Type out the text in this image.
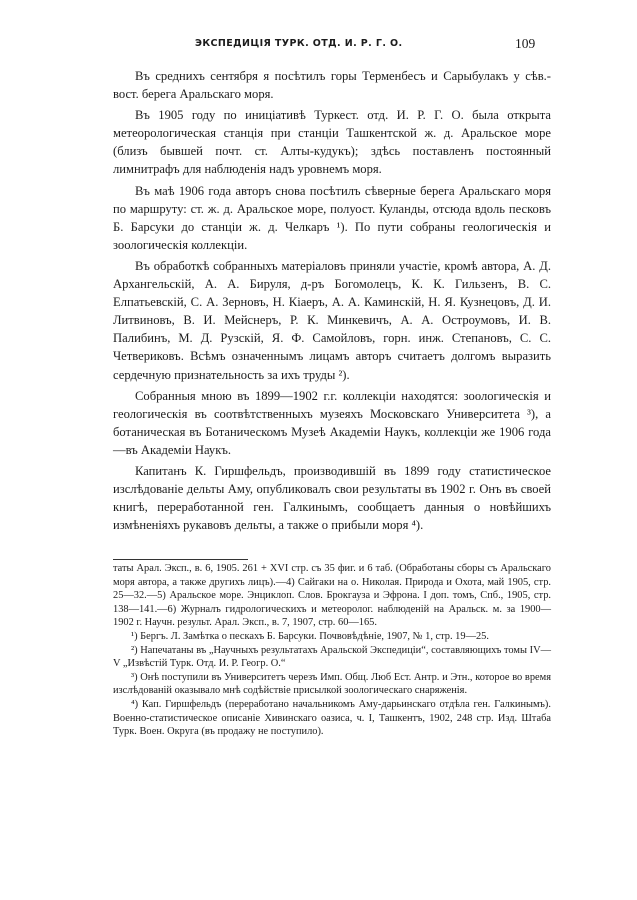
ЭКСПЕДИЦІЯ ТУРК. ОТД. И. Р. Г. О.	109

Въ среднихъ сентября я посѣтилъ горы Терменбесъ и Сарыбулакъ у сѣв.-вост. берега Аральскаго моря.

Въ 1905 году по иниціативѣ Туркест. отд. И. Р. Г. О. была открыта метеорологическая станція при станціи Ташкентской ж. д. Аральское море (близъ бывшей почт. ст. Алты-кудукъ); здѣсь поставленъ постоянный лимнитрафъ для наблюденія надъ уровнемъ моря.

Въ маѣ 1906 года авторъ снова посѣтилъ сѣверные берега Аральскаго моря по маршруту: ст. ж. д. Аральское море, полуост. Куланды, отсюда вдоль песковъ Б. Барсуки до станціи ж. д. Челкаръ ¹). По пути собраны геологическія и зоологическія коллекціи.

Въ обработкѣ собранныхъ матеріаловъ приняли участіе, кромѣ автора, А. Д. Архангельскій, А. А. Бируля, д-ръ Богомолецъ, К. К. Гильзенъ, В. С. Елпатьевскій, С. А. Зерновъ, Н. Кіаеръ, А. А. Каминскій, Н. Я. Кузнецовъ, Д. И. Литвиновъ, В. И. Мейснеръ, Р. К. Минкевичъ, А. А. Остроумовъ, И. В. Палибинъ, М. Д. Рузскій, Я. Ф. Самойловъ, горн. инж. Степановъ, С. С. Четвериковъ. Всѣмъ означеннымъ лицамъ авторъ считаетъ долгомъ выразить сердечную признательность за ихъ труды ²).

Собранныя мною въ 1899—1902 г.г. коллекціи находятся: зоологическія и геологическія въ соотвѣтственныхъ музеяхъ Московскаго Университета ³), а ботаническая въ Ботаническомъ Музеѣ Академіи Наукъ, коллекціи же 1906 года—въ Академіи Наукъ.

Капитанъ К. Гиршфельдъ, производившій въ 1899 году статистическое изслѣдованіе дельты Аму, опубликовалъ свои результаты въ 1902 г. Онъ въ своей книгѣ, переработанной ген. Галкинымъ, сообщаетъ данныя о новѣйшихъ измѣненіяхъ рукавовъ дельты, а также о прибыли моря ⁴).

таты Арал. Эксп., в. 6, 1905. 261 + XVI стр. съ 35 фиг. и 6 таб. (Обработаны сборы съ Аральскаго моря автора, а также другихъ лицъ).—4) Сайгаки на о. Николая. Природа и Охота, май 1905, стр. 25—32.—5) Аральское море. Энциклоп. Слов. Брокгауза и Эфрона. I доп. томъ, Спб., 1905, стр. 138—141.—6) Журналъ гидрологическихъ и метеоролог. наблюденій на Аральск. м. за 1900—1902 г. Научн. результ. Арал. Эксп., в. 7, 1907, стр. 60—165.

¹) Бергъ. Л. Замѣтка о пескахъ Б. Барсуки. Почвовѣдѣніе, 1907, № 1, стр. 19—25.

²) Напечатаны въ „Научныхъ результатахъ Аральской Экспедиціи“, составляющихъ томы IV—V „Извѣстій Турк. Отд. И. Р. Геогр. О.“

³) Онѣ поступили въ Университетъ черезъ Имп. Общ. Люб Ест. Антр. и Этн., которое во время изслѣдованій оказывало мнѣ содѣйствіе присылкой зоологическаго снаряженія.

⁴) Кап. Гиршфельдъ (переработано начальникомъ Аму-дарьинскаго отдѣла ген. Галкинымъ). Военно-статистическое описаніе Хивинскаго оазиса, ч. I, Ташкентъ, 1902, 248 стр. Изд. Штаба Турк. Воен. Округа (въ продажу не поступило).
